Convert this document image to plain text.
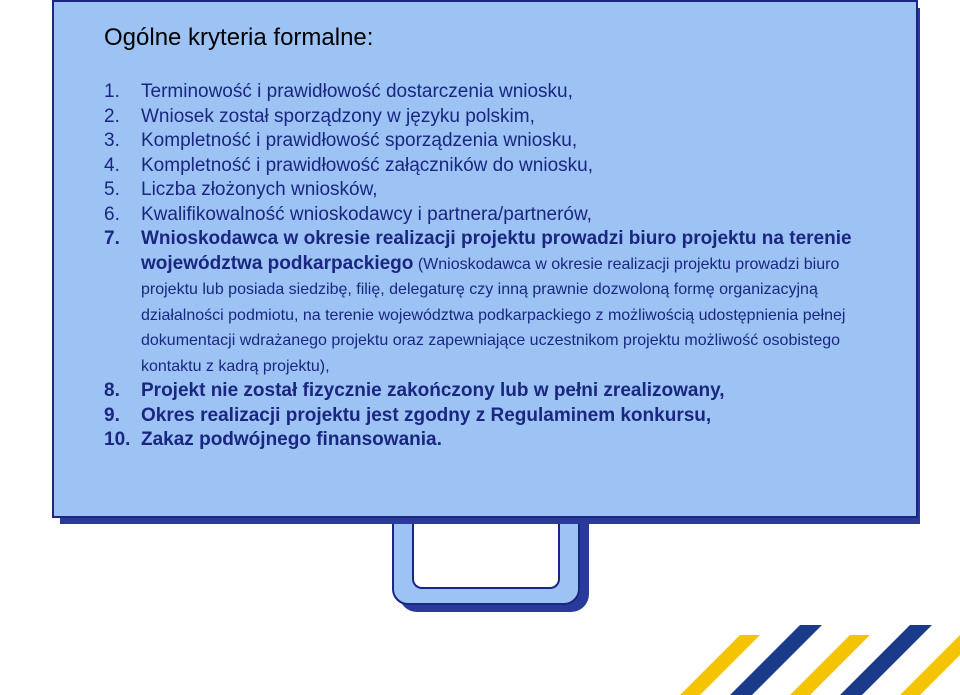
Ogólne kryteria formalne:
1. Terminowość i prawidłowość dostarczenia wniosku,
2. Wniosek został sporządzony w języku polskim,
3. Kompletność i prawidłowość sporządzenia wniosku,
4. Kompletność i prawidłowość załączników do wniosku,
5. Liczba złożonych wniosków,
6. Kwalifikowalność wnioskodawcy i partnera/partnerów,
7. Wnioskodawca w okresie realizacji projektu prowadzi biuro projektu na terenie województwa podkarpackiego (Wnioskodawca w okresie realizacji projektu prowadzi biuro projektu lub posiada siedzibę, filię, delegaturę czy inną prawnie dozwoloną formę organizacyjną działalności podmiotu, na terenie województwa podkarpackiego z możliwością udostępnienia pełnej dokumentacji wdrażanego projektu oraz zapewniające uczestnikom projektu możliwość osobistego kontaktu z kadrą projektu),
8. Projekt nie został fizycznie zakończony lub w pełni zrealizowany,
9. Okres realizacji projektu jest zgodny z Regulaminem konkursu,
10. Zakaz podwójnego finansowania.
